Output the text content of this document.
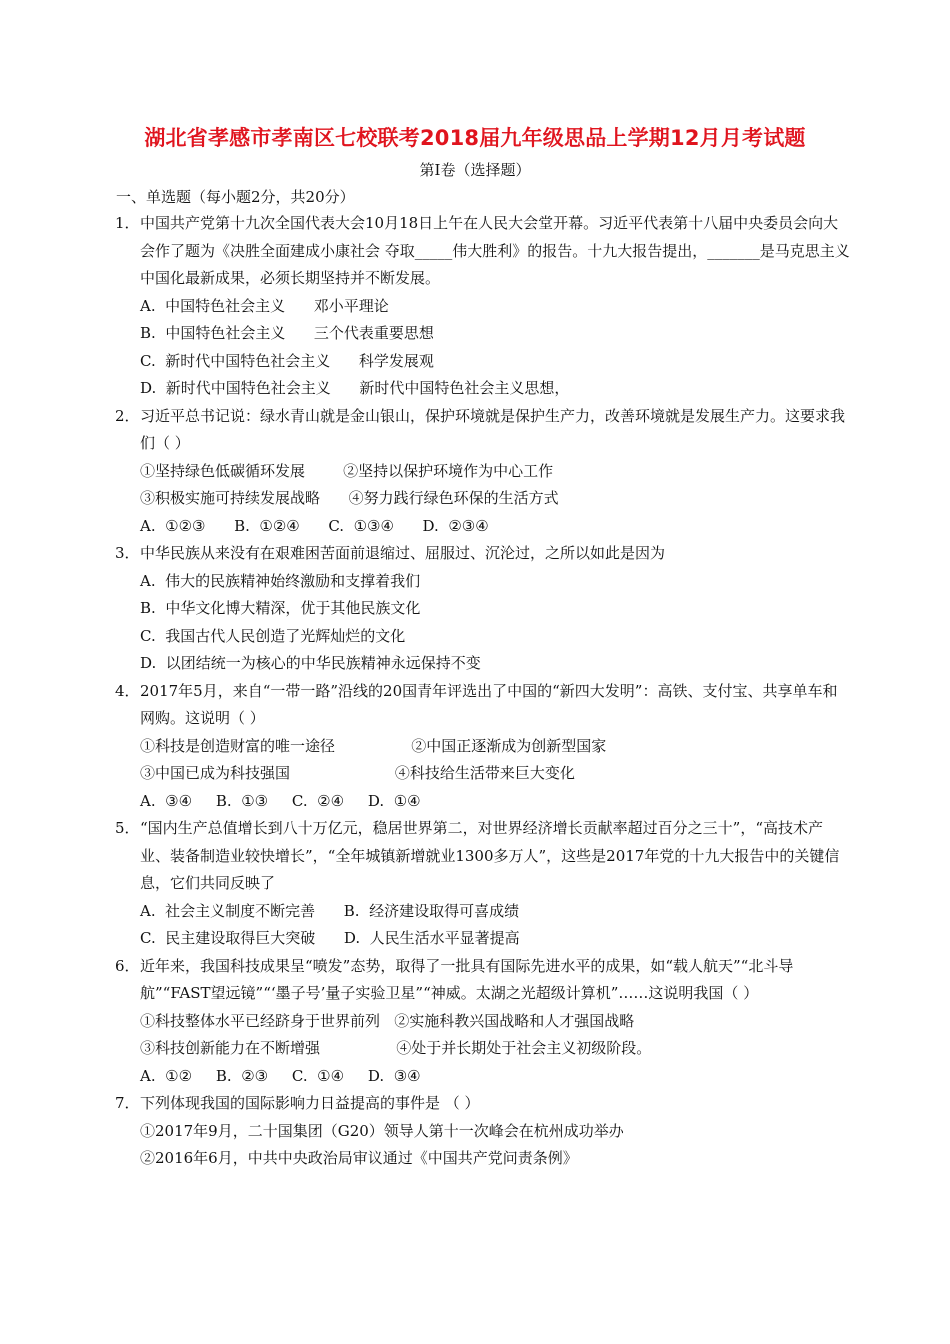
湖北省孝感市孝南区七校联考2018届九年级思品上学期12月月考试题
第Ⅰ卷（选择题）
一、单选题（每小题2分，共20分）
1． 中国共产党第十九次全国代表大会10月18日上午在人民大会堂开幕。习近平代表第十八届中央委员会向大会作了题为《决胜全面建成小康社会 夺取_____伟大胜利》的报告。十九大报告提出，_______是马克思主义中国化最新成果，必须长期坚持并不断发展。
A.  中国特色社会主义      邓小平理论
B.  中国特色社会主义      三个代表重要思想
C.  新时代中国特色社会主义      科学发展观
D.  新时代中国特色社会主义      新时代中国特色社会主义思想，
2． 习近平总书记说：绿水青山就是金山银山，保护环境就是保护生产力，改善环境就是发展生产力。这要求我们（ ）
①坚持绿色低碳循环发展        ②坚持以保护环境作为中心工作
③积极实施可持续发展战略      ④努力践行绿色环保的生活方式
A.  ①②③      B.  ①②④      C.  ①③④      D.  ②③④
3． 中华民族从来没有在艰难困苦面前退缩过、屈服过、沉沦过，之所以如此是因为
A.  伟大的民族精神始终激励和支撑着我们
B.  中华文化博大精深，优于其他民族文化
C.  我国古代人民创造了光辉灿烂的文化
D.  以团结统一为核心的中华民族精神永远保持不变
4． 2017年5月，来自“一带一路”沿线的20国青年评选出了中国的“新四大发明”：高铁、支付宝、共享单车和网购。这说明（ ）
①科技是创造财富的唯一途径                ②中国正逐渐成为创新型国家
③中国已成为科技强国                      ④科技给生活带来巨大变化
A.  ③④     B.  ①③     C.  ②④     D.  ①④
5． “国内生产总值增长到八十万亿元，稳居世界第二，对世界经济增长贡献率超过百分之三十”，“高技术产业、装备制造业较快增长”，“全年城镇新增就业1300多万人”，这些是2017年党的十九大报告中的关键信息，它们共同反映了
A.  社会主义制度不断完善      B.  经济建设取得可喜成绩
C.  民主建设取得巨大突破      D.  人民生活水平显著提高
6． 近年来，我国科技成果呈“喷发”态势，取得了一批具有国际先进水平的成果，如“载人航天”“北斗导航”“FAST望远镜”“‘墨子号’量子实验卫星”“神威。太湖之光超级计算机”……这说明我国（ ）
①科技整体水平已经跻身于世界前列   ②实施科教兴国战略和人才强国战略
③科技创新能力在不断增强                ④处于并长期处于社会主义初级阶段。
A.  ①②     B.  ②③     C.  ①④     D.  ③④
7． 下列体现我国的国际影响力日益提高的事件是 （ ）
①2017年9月，二十国集团（G20）领导人第十一次峰会在杭州成功举办
②2016年6月，中共中央政治局审议通过《中国共产党问责条例》
